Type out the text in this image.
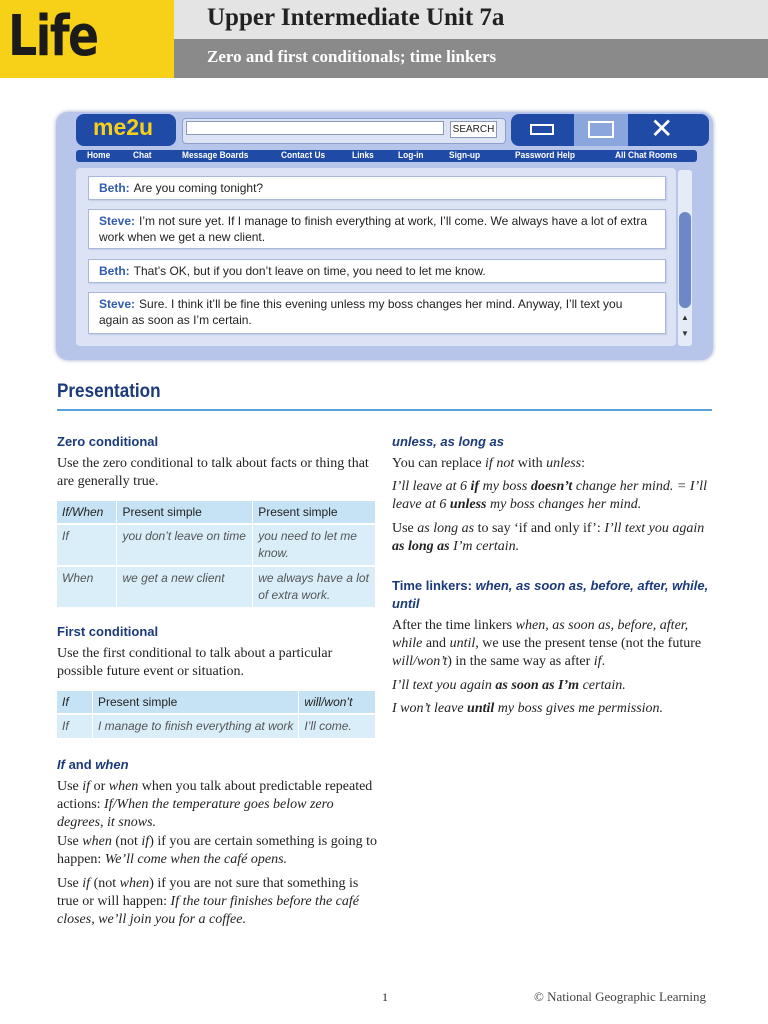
Life	Upper Intermediate Unit 7a
Zero and first conditionals; time linkers
me2u	SEARCH	✕
Home Chat	Message Boards	Contact Us	Links	Log-in	Sign-up	Password Help	All Chat Rooms
▲
▼
Beth: Are you coming tonight?
Steve: I’m not sure yet. If I manage to finish everything at work, I’ll come. We always have a lot of extra work when we get a new client.
Beth: That’s OK, but if you don’t leave on time, you need to let me know.
Steve: Sure. I think it’ll be fine this evening unless my boss changes her mind. Anyway, I’ll text you again as soon as I’m certain.
Presentation
Zero conditional
Use the zero conditional to talk about facts or thing that are generally true.
If/When	Present simple	Present simple
If	you don’t leave on time	you need to let me know.
When	we get a new client	we always have a lot of extra work.
First conditional
Use the first conditional to talk about a particular possible future event or situation.
If	Present simple	will/won’t
If	I manage to finish everything at work	I’ll come.
If and when
Use if or when when you talk about predictable repeated actions: If/When the temperature goes below zero degrees, it snows.
Use when (not if) if you are certain something is going to happen: We’ll come when the café opens.
Use if (not when) if you are not sure that something is true or will happen: If the tour finishes before the café closes, we’ll join you for a coffee.
unless, as long as
You can replace if not with unless:
I’ll leave at 6 if my boss doesn’t change her mind. = I’ll leave at 6 unless my boss changes her mind.
Use as long as to say ‘if and only if’: I’ll text you again as long as I’m certain.
Time linkers: when, as soon as, before, after, while, until
After the time linkers when, as soon as, before, after, while and until, we use the present tense (not the future will/won’t) in the same way as after if.
I’ll text you again as soon as I’m certain.
I won’t leave until my boss gives me permission.
1	© National Geographic Learning
